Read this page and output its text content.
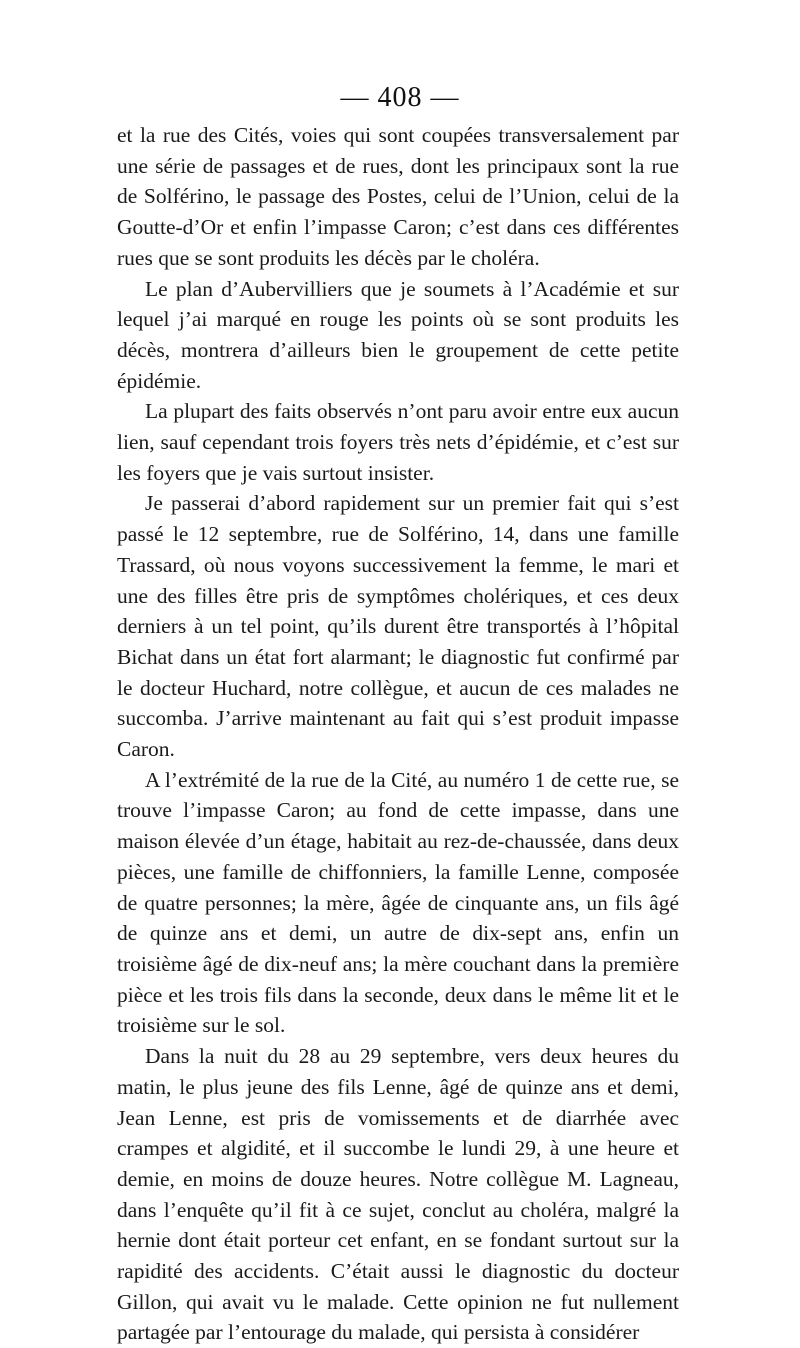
— 408 —

et la rue des Cités, voies qui sont coupées transversalement par une série de passages et de rues, dont les principaux sont la rue de Solférino, le passage des Postes, celui de l’Union, celui de la Goutte-d’Or et enfin l’impasse Caron; c’est dans ces différentes rues que se sont produits les décès par le choléra.

Le plan d’Aubervilliers que je soumets à l’Académie et sur lequel j’ai marqué en rouge les points où se sont produits les décès, montrera d’ailleurs bien le groupement de cette petite épidémie.

La plupart des faits observés n’ont paru avoir entre eux aucun lien, sauf cependant trois foyers très nets d’épidémie, et c’est sur les foyers que je vais surtout insister.

Je passerai d’abord rapidement sur un premier fait qui s’est passé le 12 septembre, rue de Solférino, 14, dans une famille Trassard, où nous voyons successivement la femme, le mari et une des filles être pris de symptômes cholériques, et ces deux derniers à un tel point, qu’ils durent être transportés à l’hôpital Bichat dans un état fort alarmant; le diagnostic fut confirmé par le docteur Huchard, notre collègue, et aucun de ces malades ne succomba. J’arrive maintenant au fait qui s’est produit impasse Caron.

A l’extrémité de la rue de la Cité, au numéro 1 de cette rue, se trouve l’impasse Caron; au fond de cette impasse, dans une maison élevée d’un étage, habitait au rez-de-chaussée, dans deux pièces, une famille de chiffonniers, la famille Lenne, composée de quatre personnes; la mère, âgée de cinquante ans, un fils âgé de quinze ans et demi, un autre de dix-sept ans, enfin un troisième âgé de dix-neuf ans; la mère couchant dans la première pièce et les trois fils dans la seconde, deux dans le même lit et le troisième sur le sol.

Dans la nuit du 28 au 29 septembre, vers deux heures du matin, le plus jeune des fils Lenne, âgé de quinze ans et demi, Jean Lenne, est pris de vomissements et de diarrhée avec crampes et algidité, et il succombe le lundi 29, à une heure et demie, en moins de douze heures. Notre collègue M. Lagneau, dans l’enquête qu’il fit à ce sujet, conclut au choléra, malgré la hernie dont était porteur cet enfant, en se fondant surtout sur la rapidité des accidents. C’était aussi le diagnostic du docteur Gillon, qui avait vu le malade. Cette opinion ne fut nullement partagée par l’entourage du malade, qui persista à considérer
